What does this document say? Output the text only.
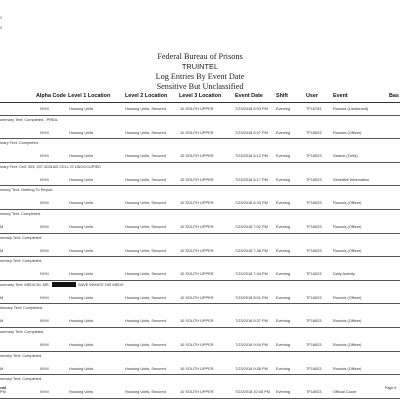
9
9
Federal Bureau of Prisons
TRUINTEL
Log Entries By Event Date
Sensitive But Unclassified
Alpha Code Level 1 Location	Level 2 Location Level 3 Location	Event Date Shift	User	Event	Bas
NYM	Housing Units	Housing Units, Secured	10 SOUTH UPPER	7/23/2018 6:03 PM Evening	TF16781	Rounds (Lieutenant)
ummary Text: Completed - PREA.
NYM	Housing Units	Housing Units, Secured	10 SOUTH UPPER	7/23/2018 6:07 PM Evening	TF18923	Rounds (Officer)
mary Text: Completed.
NYM	Housing Units	Housing Units, Secured	10 SOUTH UPPER	7/23/2018 6:12 PM Evening	TF18923	Search (Cells)
mary Text: Cell: 303, 207-303LAD CELL IS UNOCCUPIED
NYM	Housing Units	Housing Units, Secured	10 SOUTH UPPER	7/23/2018 6:17 PM Evening	TF18923	Sensitive Information
nmary Text: Nothing To Report.
NYM	Housing Units	Housing Units, Secured	10 SOUTH UPPER	7/23/2018 6:33 PM Evening	TF18923	Rounds (Officer)
nmary Text: Completed.
M	NYM	Housing Units	Housing Units, Secured	10 SOUTH UPPER	7/23/2018 7:02 PM Evening	TF18923	Rounds (Officer)
mmary Text: Completed.
M	NYM	Housing Units	Housing Units, Secured	10 SOUTH UPPER	7/23/2018 7:38 PM Evening	TF18923	Rounds (Officer)
mmary Text: Completed.
NYM	Housing Units	Housing Units, Secured	10 SOUTH UPPER	7/23/2018 7:44 PM Evening	TF18923	Daily Activity
ummary Text: MEDICAL MR.	GAVE INMATE HIS MEDS
M	NYM	Housing Units	Housing Units, Secured	10 SOUTH UPPER	7/23/2018 8:01 PM Evening	TF18923	Rounds (Officer)
immary Text: Completed.
M	NYM	Housing Units	Housing Units, Secured	10 SOUTH UPPER	7/23/2018 8:37 PM Evening	TF18923	Rounds (Officer)
ummary Text: Completed.
NYM	Housing Units	Housing Units, Secured	10 SOUTH UPPER	7/23/2018 9:04 PM Evening	TF18923	Rounds (Officer)
mmary Text: Completed.
M	NYM	Housing Units	Housing Units, Secured	10 SOUTH UPPER	7/23/2018 9:36 PM Evening	TF18923	Rounds (Officer)
mmary Text: Completed.
PM	NYM	Housing Units	Housing Units, Secured	10 SOUTH UPPER	7/23/2018 10:08 PM Evening	TF18923	Official Count
ed8	Page 8
